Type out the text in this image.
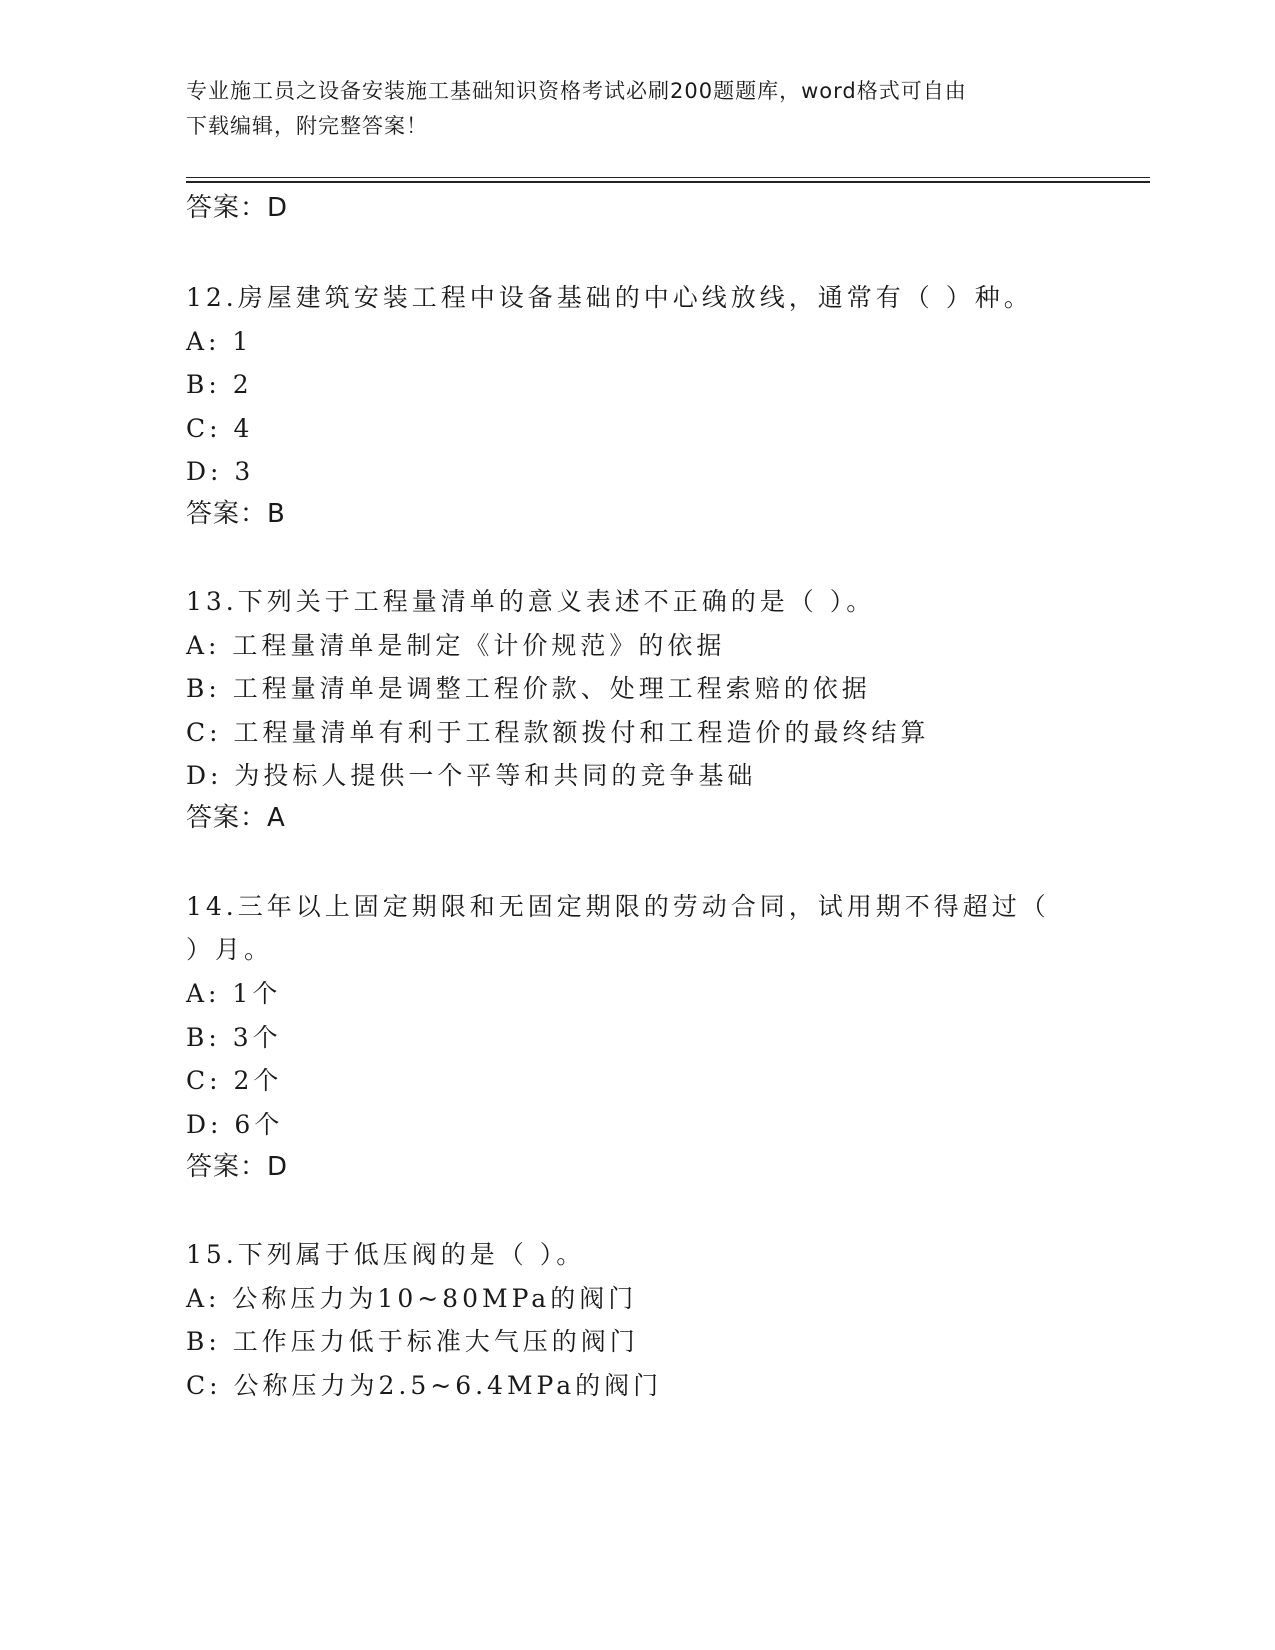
专业施工员之设备安装施工基础知识资格考试必刷200题题库，word格式可自由
下载编辑，附完整答案！
答案：D
12.房屋建筑安装工程中设备基础的中心线放线，通常有（ ）种。
A: 1
B: 2
C: 4
D: 3
答案：B
13.下列关于工程量清单的意义表述不正确的是（ ）。
A: 工程量清单是制定《计价规范》的依据
B: 工程量清单是调整工程价款、处理工程索赔的依据
C: 工程量清单有利于工程款额拨付和工程造价的最终结算
D: 为投标人提供一个平等和共同的竞争基础
答案：A
14.三年以上固定期限和无固定期限的劳动合同，试用期不得超过（
）月。
A: 1个
B: 3个
C: 2个
D: 6个
答案：D
15.下列属于低压阀的是（ ）。
A: 公称压力为10~80MPa的阀门
B: 工作压力低于标准大气压的阀门
C: 公称压力为2.5~6.4MPa的阀门
